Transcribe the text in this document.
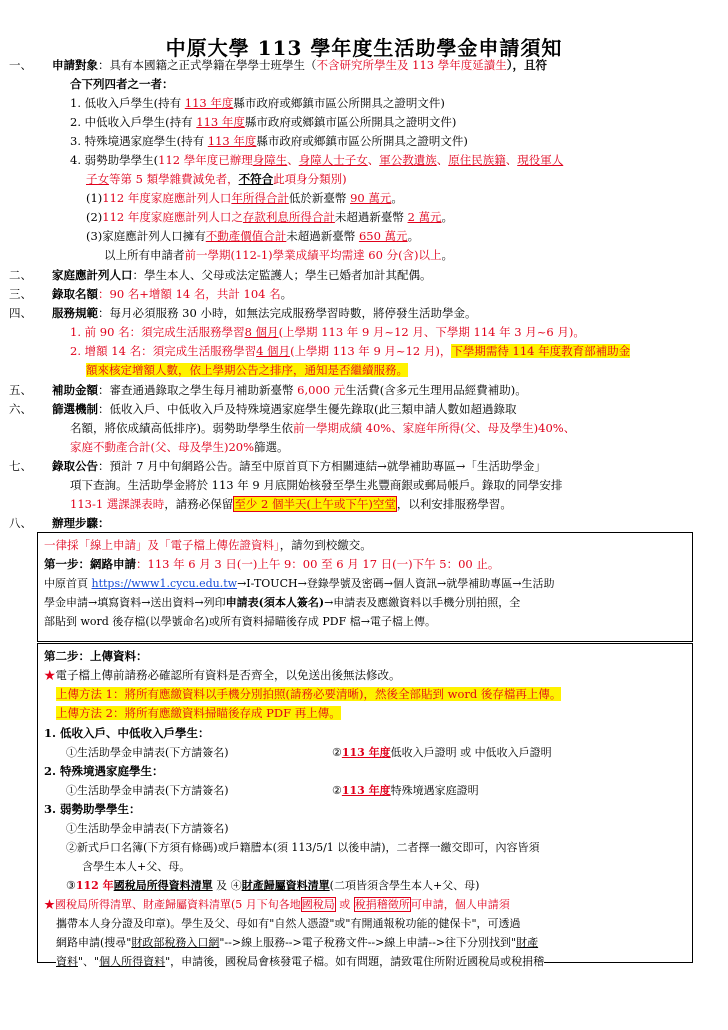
中原大學 113 學年度生活助學金申請須知
一、 申請對象：具有本國籍之正式學籍在學學士班學生（不含研究所學生及 113 學年度延讀生），且符
合下列四者之一者：
1. 低收入戶學生(持有 113 年度縣市政府或鄉鎮市區公所開具之證明文件)
2. 中低收入戶學生(持有 113 年度縣市政府或鄉鎮市區公所開具之證明文件)
3. 特殊境遇家庭學生(持有 113 年度縣市政府或鄉鎮市區公所開具之證明文件)
4. 弱勢助學學生(112 學年度已辦理身障生、身障人士子女、軍公教遺族、原住民族籍、現役軍人
子女等第 5 類學雜費減免者，不符合此項身分類別)
(1)112 年度家庭應計列人口年所得合計低於新臺幣 90 萬元。
(2)112 年度家庭應計列人口之存款利息所得合計未超過新臺幣 2 萬元。
(3)家庭應計列人口擁有不動產價值合計未超過新臺幣 650 萬元。
以上所有申請者前一學期(112-1)學業成績平均需達 60 分(含)以上。
二、 家庭應計列人口：學生本人、父母或法定監護人；學生已婚者加計其配偶。
三、 錄取名額：90 名+增額 14 名，共計 104 名。
四、 服務規範：每月必須服務 30 小時，如無法完成服務學習時數，將停發生活助學金。
1. 前 90 名：須完成生活服務學習8 個月(上學期 113 年 9 月~12 月、下學期 114 年 3 月~6 月)。
2. 增額 14 名：須完成生活服務學習4 個月(上學期 113 年 9 月~12 月)，下學期需待 114 年度教育部補助金
額來核定增額人數，依上學期公告之排序，通知是否繼續服務。
五、 補助金額：審查通過錄取之學生每月補助新臺幣 6,000 元生活費(含多元生理用品經費補助)。
六、 篩選機制：低收入戶、中低收入戶及特殊境遇家庭學生優先錄取(此三類申請人數如超過錄取
名額，將依成績高低排序)。弱勢助學學生依前一學期成績 40%、家庭年所得(父、母及學生)40%、
家庭不動產合計(父、母及學生)20%篩選。
七、 錄取公告：預計 7 月中旬網路公告。請至中原首頁下方相關連結→就學補助專區→「生活助學金」
項下查詢。生活助學金將於 113 年 9 月底開始核發至學生兆豐商銀或郵局帳戶。錄取的同學安排
113-1 選課課表時，請務必保留至少 2 個半天(上午或下午)空堂，以利安排服務學習。
八、 辦理步驟：
一律採「線上申請」及「電子檔上傳佐證資料」，請勿到校繳交。
第一步：網路申請：113 年 6 月 3 日(一)上午 9：00 至 6 月 17 日(一)下午 5：00 止。
中原首頁 https://www1.cycu.edu.tw→I-TOUCH→登錄學號及密碼→個人資訊→就學補助專區→生活助
學金申請→填寫資料→送出資料→列印申請表(須本人簽名)→申請表及應繳資料以手機分別拍照，全
部貼到 word 後存檔(以學號命名)或所有資料掃瞄後存成 PDF 檔→電子檔上傳。
第二步：上傳資料：
★電子檔上傳前請務必確認所有資料是否齊全，以免送出後無法修改。
上傳方法 1：將所有應繳資料以手機分別拍照(請務必要清晰)，然後全部貼到 word 後存檔再上傳。
上傳方法 2：將所有應繳資料掃瞄後存成 PDF 再上傳。
1. 低收入戶、中低收入戶學生：
①生活助學金申請表(下方請簽名)	②113 年度低收入戶證明 或 中低收入戶證明
2. 特殊境遇家庭學生：
①生活助學金申請表(下方請簽名)	②113 年度特殊境遇家庭證明
3. 弱勢助學學生：
①生活助學金申請表(下方請簽名)
②新式戶口名簿(下方須有條碼)或戶籍謄本(須 113/5/1 以後申請)，二者擇一繳交即可，內容皆須
含學生本人+父、母。
③112 年國稅局所得資料清單 及 ④財產歸屬資料清單(二項皆須含學生本人+父、母)
★國稅局所得清單、財產歸屬資料清單(5 月下旬各地國稅局 或 稅捐稽徵所可申請，個人申請須
攜帶本人身分證及印章)。學生及父、母如有"自然人憑證"或"有開通報稅功能的健保卡"，可透過
網路申請(搜尋"財政部稅務入口網"-->線上服務-->電子稅務文件-->線上申請-->往下分別找到"財產
資料"、"個人所得資料"，申請後，國稅局會核發電子檔。如有問題，請致電住所附近國稅局或稅捐稽
